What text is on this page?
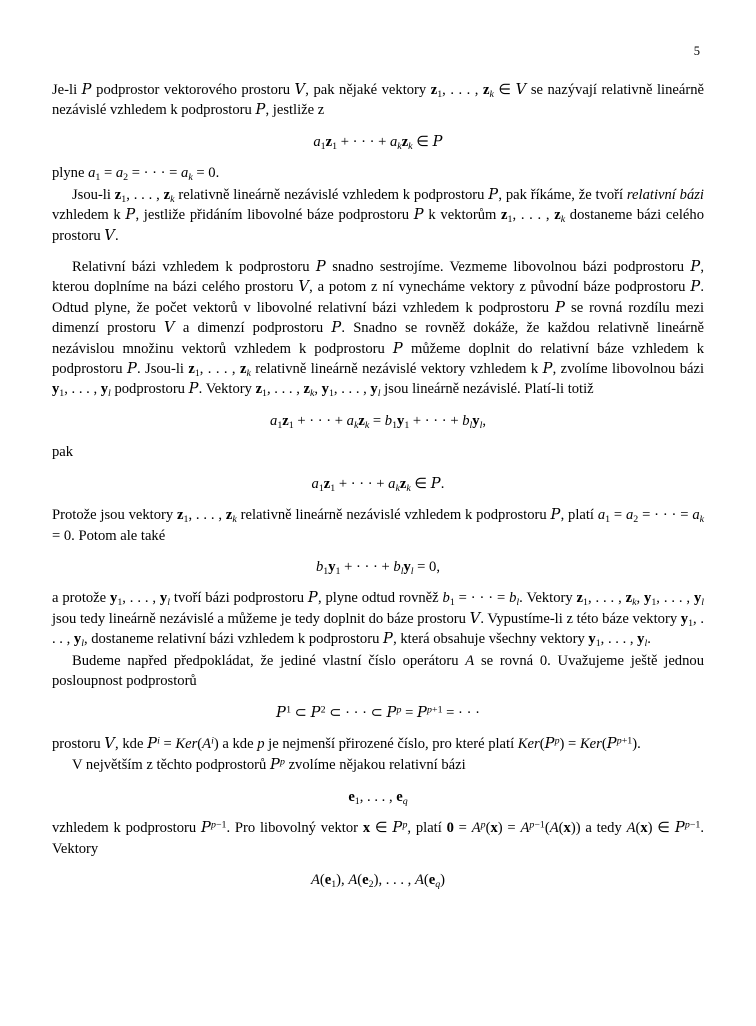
5

Je-li P podprostor vektorového prostoru V, pak nějaké vektory $z_1$, . . . , $z_k$ ∈ V se nazývají relativně lineárně nezávislé vzhledem k podprostoru P, jestliže z

$a_1z_1$ + · · · + $a_kz_k$ ∈ P

plyne $a_1 = a_2$ = · · · = $a_k = 0$.

Jsou-li $z_1$, . . . , $z_k$ relativně lineárně nezávislé vzhledem k podprostoru P, pak říkáme, že tvoří relativní bázi vzhledem k P, jestliže přidáním libovolné báze podprostoru P k vektorům $z_1$, . . . , $z_k$ dostaneme bázi celého prostoru V.

Relativní bázi vzhledem k podprostoru P snadno sestrojíme. Vezmeme libovolnou bázi podprostoru P, kterou doplníme na bázi celého prostoru V, a potom z ní vynecháme vektory z původní báze podprostoru P. Odtud plyne, že počet vektorů v libovolné relativní bázi vzhledem k podprostoru P se rovná rozdílu mezi dimenzí prostoru V a dimenzí podprostoru P. Snadno se rovněž dokáže, že každou relativně lineárně nezávislou množinu vektorů vzhledem k podprostoru P můžeme doplnit do relativní báze vzhledem k podprostoru P. Jsou-li $z_1$, . . . , $z_k$ relativně lineárně nezávislé vektory vzhledem k P, zvolíme libovolnou bázi $y_1$, . . . , $y_l$ podprostoru P. Vektory $z_1$, . . . , $z_k$, $y_1$, . . . , $y_l$ jsou lineárně nezávislé. Platí-li totiž

$a_1z_1$ + · · · + $a_kz_k = b_1y_1$ + · · · + $b_ly_l$,

pak

$a_1z_1$ + · · · + $a_kz_k$ ∈ P.

Protože jsou vektory $z_1$, . . . , $z_k$ relativně lineárně nezávislé vzhledem k podprostoru P, platí $a_1 = a_2$ = · · · = $a_k = 0$. Potom ale také

$b_1y_1$ + · · · + $b_ly_l = 0$,

a protože $y_1$, . . . , $y_l$ tvoří bázi podprostoru P, plyne odtud rovněž $b_1$ = · · · = $b_l$. Vektory $z_1$, . . . , $z_k$, $y_1$, . . . , $y_l$ jsou tedy lineárně nezávislé a můžeme je tedy doplnit do báze prostoru V. Vypustíme-li z této báze vektory $y_1$, . . . , $y_l$, dostaneme relativní bázi vzhledem k podprostoru P, která obsahuje všechny vektory $y_1$, . . . , $y_l$.

Budeme napřed předpokládat, že jediné vlastní číslo operátoru A se rovná 0. Uvažujeme ještě jednou posloupnost podprostorů

$P^1$ ⊂ $P^2$ ⊂ · · · ⊂ $P^p = P^{p+1}$ = · · ·

prostoru V, kde $P^i = Ker(A^i)$ a kde p je nejmenší přirozené číslo, pro které platí $Ker(P^p) = Ker(P^{p+1})$.

V největším z těchto podprostorů $P^p$ zvolíme nějakou relativní bázi

$e_1$, . . . , $e_q$

vzhledem k podprostoru $P^{p-1}$. Pro libovolný vektor x ∈ $P^p$, platí $0 = A^p(x) = A^{p-1}(A(x))$ a tedy A(x) ∈ $P^{p-1}$. Vektory

$A(e_1)$, $A(e_2)$, . . . , $A(e_q)$
